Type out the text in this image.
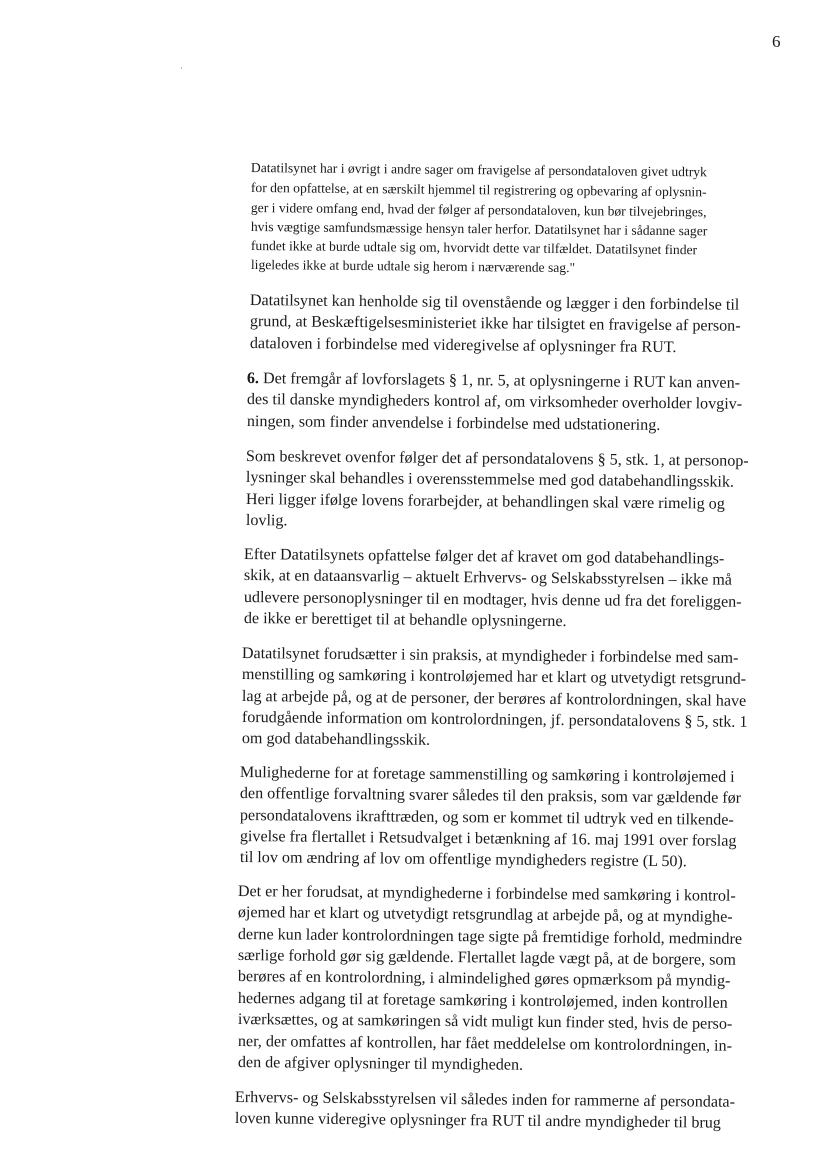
6
Datatilsynet har i øvrigt i andre sager om fravigelse af persondataloven givet udtryk
for den opfattelse, at en særskilt hjemmel til registrering og opbevaring af oplysnin-
ger i videre omfang end, hvad der følger af persondataloven, kun bør tilvejebringes,
hvis vægtige samfundsmæssige hensyn taler herfor. Datatilsynet har i sådanne sager
fundet ikke at burde udtale sig om, hvorvidt dette var tilfældet. Datatilsynet finder
ligeledes ikke at burde udtale sig herom i nærværende sag."
Datatilsynet kan henholde sig til ovenstående og lægger i den forbindelse til
grund, at Beskæftigelsesministeriet ikke har tilsigtet en fravigelse af person-
dataloven i forbindelse med videregivelse af oplysninger fra RUT.
6. Det fremgår af lovforslagets § 1, nr. 5, at oplysningerne i RUT kan anven-
des til danske myndigheders kontrol af, om virksomheder overholder lovgiv-
ningen, som finder anvendelse i forbindelse med udstationering.
Som beskrevet ovenfor følger det af persondatalovens § 5, stk. 1, at personop-
lysninger skal behandles i overensstemmelse med god databehandlingsskik.
Heri ligger ifølge lovens forarbejder, at behandlingen skal være rimelig og
lovlig.
Efter Datatilsynets opfattelse følger det af kravet om god databehandlings-
skik, at en dataansvarlig – aktuelt Erhvervs- og Selskabsstyrelsen – ikke må
udlevere personoplysninger til en modtager, hvis denne ud fra det foreliggen-
de ikke er berettiget til at behandle oplysningerne.
Datatilsynet forudsætter i sin praksis, at myndigheder i forbindelse med sam-
menstilling og samkøring i kontroløjemed har et klart og utvetydigt retsgrund-
lag at arbejde på, og at de personer, der berøres af kontrolordningen, skal have
forudgående information om kontrolordningen, jf. persondatalovens § 5, stk. 1
om god databehandlingsskik.
Mulighederne for at foretage sammenstilling og samkøring i kontroløjemed i
den offentlige forvaltning svarer således til den praksis, som var gældende før
persondatalovens ikrafttræden, og som er kommet til udtryk ved en tilkende-
givelse fra flertallet i Retsudvalget i betænkning af 16. maj 1991 over forslag
til lov om ændring af lov om offentlige myndigheders registre (L 50).
Det er her forudsat, at myndighederne i forbindelse med samkøring i kontrol-
øjemed har et klart og utvetydigt retsgrundlag at arbejde på, og at myndighe-
derne kun lader kontrolordningen tage sigte på fremtidige forhold, medmindre
særlige forhold gør sig gældende. Flertallet lagde vægt på, at de borgere, som
berøres af en kontrolordning, i almindelighed gøres opmærksom på myndig-
hedernes adgang til at foretage samkøring i kontroløjemed, inden kontrollen
iværksættes, og at samkøringen så vidt muligt kun finder sted, hvis de perso-
ner, der omfattes af kontrollen, har fået meddelelse om kontrolordningen, in-
den de afgiver oplysninger til myndigheden.
Erhvervs- og Selskabsstyrelsen vil således inden for rammerne af persondata-
loven kunne videregive oplysninger fra RUT til andre myndigheder til brug
